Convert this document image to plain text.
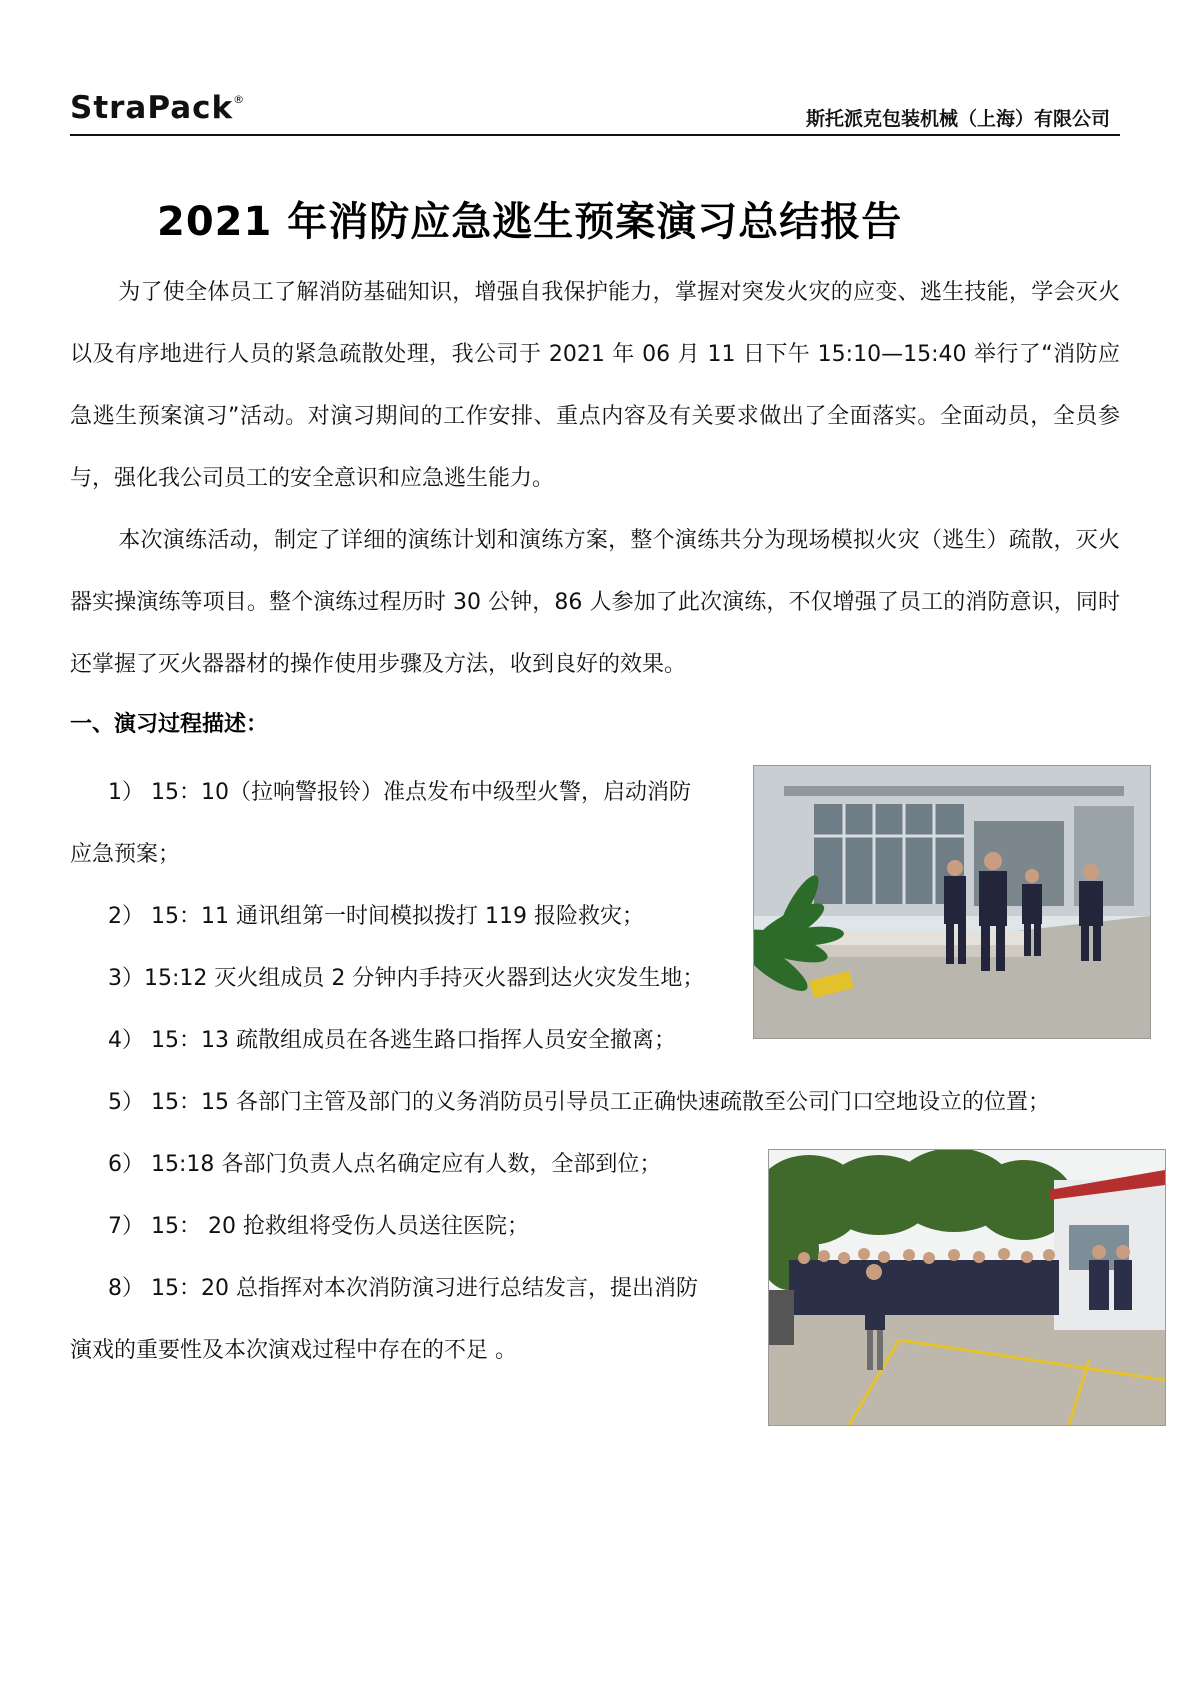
StraPack®
斯托派克包装机械（上海）有限公司
2021 年消防应急逃生预案演习总结报告
为了使全体员工了解消防基础知识，增强自我保护能力，掌握对突发火灾的应变、逃生技能，学会灭火以及有序地进行人员的紧急疏散处理，我公司于 2021 年 06 月 11 日下午 15:10—15:40 举行了“消防应急逃生预案演习”活动。对演习期间的工作安排、重点内容及有关要求做出了全面落实。全面动员，全员参与，强化我公司员工的安全意识和应急逃生能力。
本次演练活动，制定了详细的演练计划和演练方案，整个演练共分为现场模拟火灾（逃生）疏散，灭火器实操演练等项目。整个演练过程历时 30 公钟，86 人参加了此次演练，不仅增强了员工的消防意识，同时还掌握了灭火器器材的操作使用步骤及方法，收到良好的效果。
一、演习过程描述：
1） 15：10（拉响警报铃）准点发布中级型火警，启动消防
应急预案；
2） 15：11 通讯组第一时间模拟拨打 119 报险救灾；
3）15:12 灭火组成员 2 分钟内手持灭火器到达火灾发生地；
4） 15：13 疏散组成员在各逃生路口指挥人员安全撤离；
5） 15：15 各部门主管及部门的义务消防员引导员工正确快速疏散至公司门口空地设立的位置；
6） 15:18 各部门负责人点名确定应有人数，全部到位；
7） 15： 20 抢救组将受伤人员送往医院；
8） 15：20 总指挥对本次消防演习进行总结发言，提出消防
演戏的重要性及本次演戏过程中存在的不足 。
